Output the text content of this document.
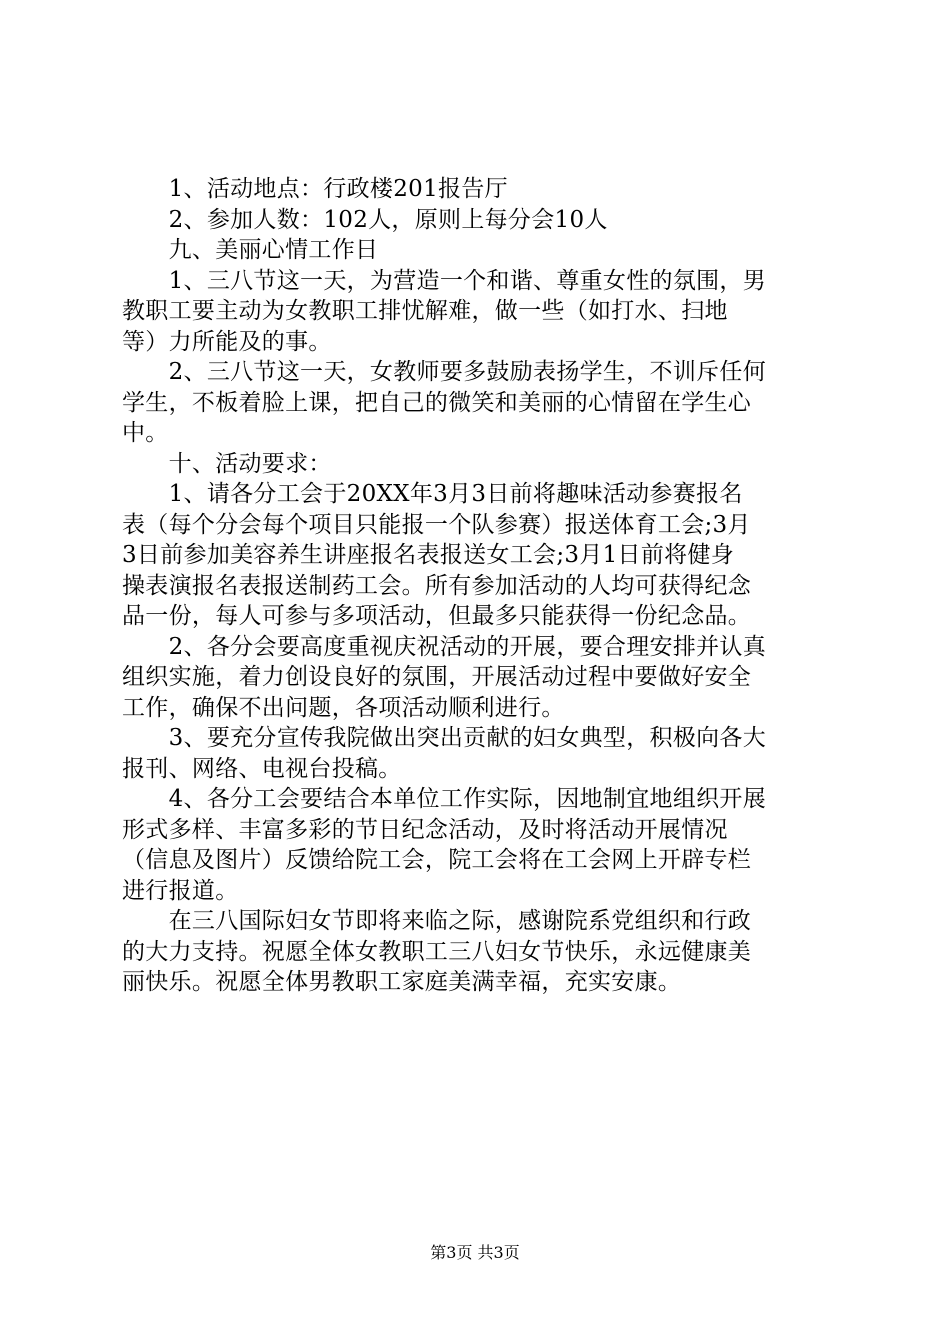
　　1、活动地点：行政楼201报告厅
　　2、参加人数：102人，原则上每分会10人
　　九、美丽心情工作日
　　1、三八节这一天，为营造一个和谐、尊重女性的氛围，男
教职工要主动为女教职工排忧解难，做一些（如打水、扫地
等）力所能及的事。
　　2、三八节这一天，女教师要多鼓励表扬学生，不训斥任何
学生，不板着脸上课，把自己的微笑和美丽的心情留在学生心
中。
　　十、活动要求：
　　1、请各分工会于20XX年3月3日前将趣味活动参赛报名
表（每个分会每个项目只能报一个队参赛）报送体育工会;3月
3日前参加美容养生讲座报名表报送女工会;3月1日前将健身
操表演报名表报送制药工会。所有参加活动的人均可获得纪念
品一份，每人可参与多项活动，但最多只能获得一份纪念品。
　　2、各分会要高度重视庆祝活动的开展，要合理安排并认真
组织实施，着力创设良好的氛围，开展活动过程中要做好安全
工作，确保不出问题，各项活动顺利进行。
　　3、要充分宣传我院做出突出贡献的妇女典型，积极向各大
报刊、网络、电视台投稿。
　　4、各分工会要结合本单位工作实际，因地制宜地组织开展
形式多样、丰富多彩的节日纪念活动，及时将活动开展情况
（信息及图片）反馈给院工会，院工会将在工会网上开辟专栏
进行报道。
　　在三八国际妇女节即将来临之际，感谢院系党组织和行政
的大力支持。祝愿全体女教职工三八妇女节快乐，永远健康美
丽快乐。祝愿全体男教职工家庭美满幸福，充实安康。
第3页 共3页
